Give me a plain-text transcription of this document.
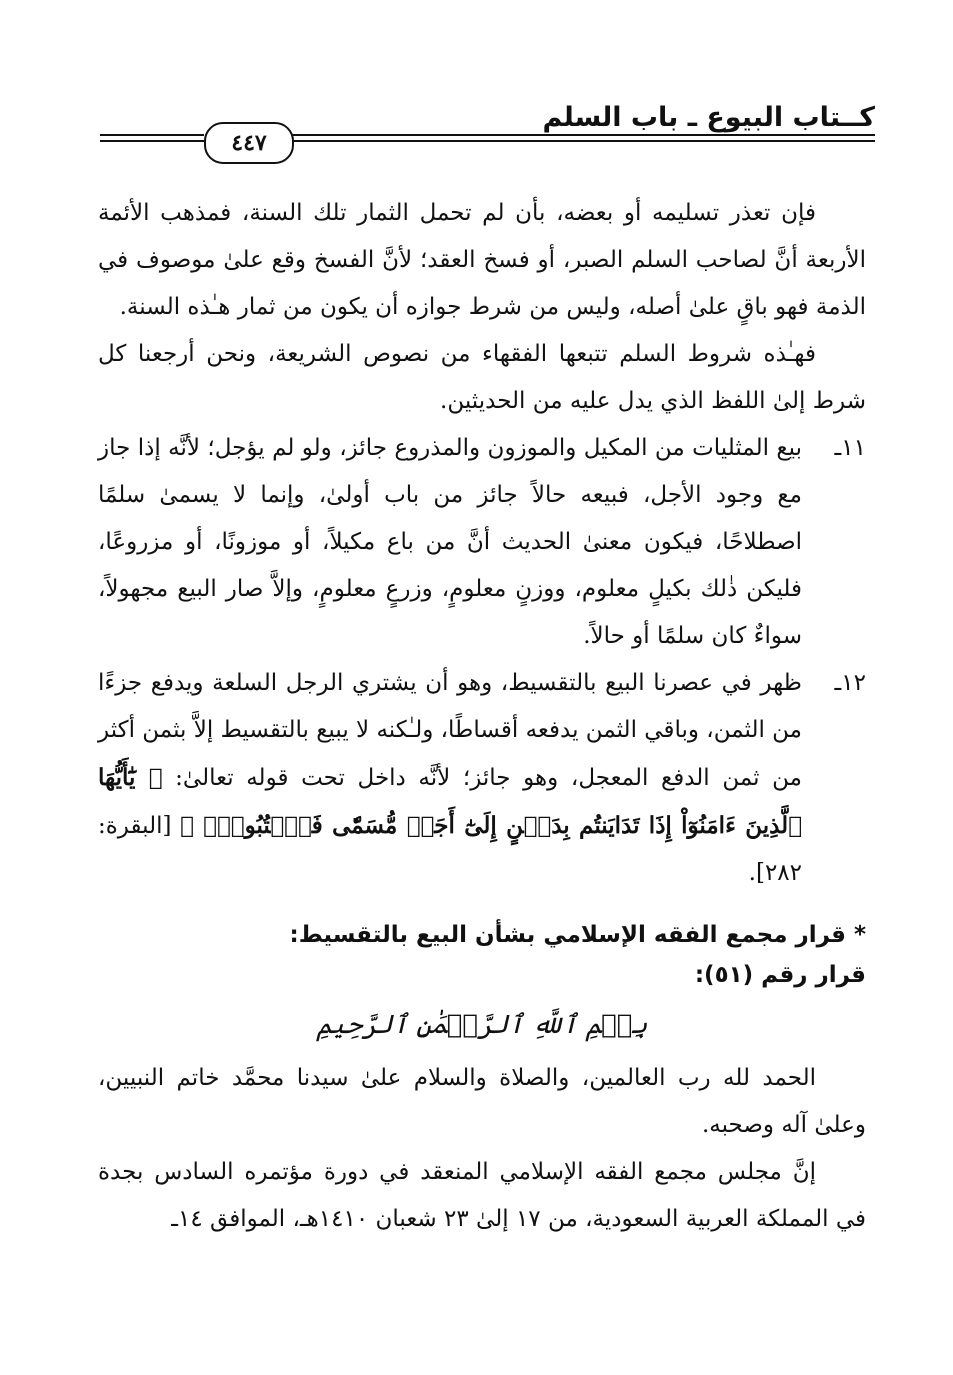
كــتاب البيوع ـ باب السلم
٤٤٧

فإن تعذر تسليمه أو بعضه، بأن لم تحمل الثمار تلك السنة، فمذهب الأئمة الأربعة أنَّ لصاحب السلم الصبر، أو فسخ العقد؛ لأنَّ الفسخ وقع علىٰ موصوف في الذمة فهو باقٍ علىٰ أصله، وليس من شرط جوازه أن يكون من ثمار هـٰذه السنة.

فهـٰذه شروط السلم تتبعها الفقهاء من نصوص الشريعة، ونحن أرجعنا كل شرط إلىٰ اللفظ الذي يدل عليه من الحديثين.

١١ـ
بيع المثليات من المكيل والموزون والمذروع جائز، ولو لم يؤجل؛ لأنَّه إذا جاز مع وجود الأجل، فبيعه حالاً جائز من باب أولىٰ، وإنما لا يسمىٰ سلمًا اصطلاحًا، فيكون معنىٰ الحديث أنَّ من باع مكيلاً، أو موزونًا، أو مزروعًا، فليكن ذٰلك بكيلٍ معلوم، ووزنٍ معلومٍ، وزرعٍ معلومٍ، وإلاَّ صار البيع مجهولاً، سواءٌ كان سلمًا أو حالاً.

١٢ـ
ظهر في عصرنا البيع بالتقسيط، وهو أن يشتري الرجل السلعة ويدفع جزءًا من الثمن، وباقي الثمن يدفعه أقساطًا، ولـٰكنه لا يبيع بالتقسيط إلاَّ بثمن أكثر من ثمن الدفع المعجل، وهو جائز؛ لأنَّه داخل تحت قوله تعالىٰ: ﴿ يَٰٓأَيُّهَا ٱلَّذِينَ ءَامَنُوٓاْ إِذَا تَدَايَنتُم بِدَيۡنٍ إِلَىٰٓ أَجَلٖ مُّسَمّٗى فَٱكۡتُبُوهُۚ ﴾ [البقرة: ٢٨٢].

* قرار مجمع الفقه الإسلامي بشأن البيع بالتقسيط:
قرار رقم (٥١):
بِسۡمِ ٱللَّهِ ٱلرَّحۡمَٰنِ ٱلرَّحِيمِ

الحمد لله رب العالمين، والصلاة والسلام علىٰ سيدنا محمَّد خاتم النبيين، وعلىٰ آله وصحبه.

إنَّ مجلس مجمع الفقه الإسلامي المنعقد في دورة مؤتمره السادس بجدة في المملكة العربية السعودية، من ١٧ إلىٰ ٢٣ شعبان ١٤١٠هـ، الموافق ١٤ـ
